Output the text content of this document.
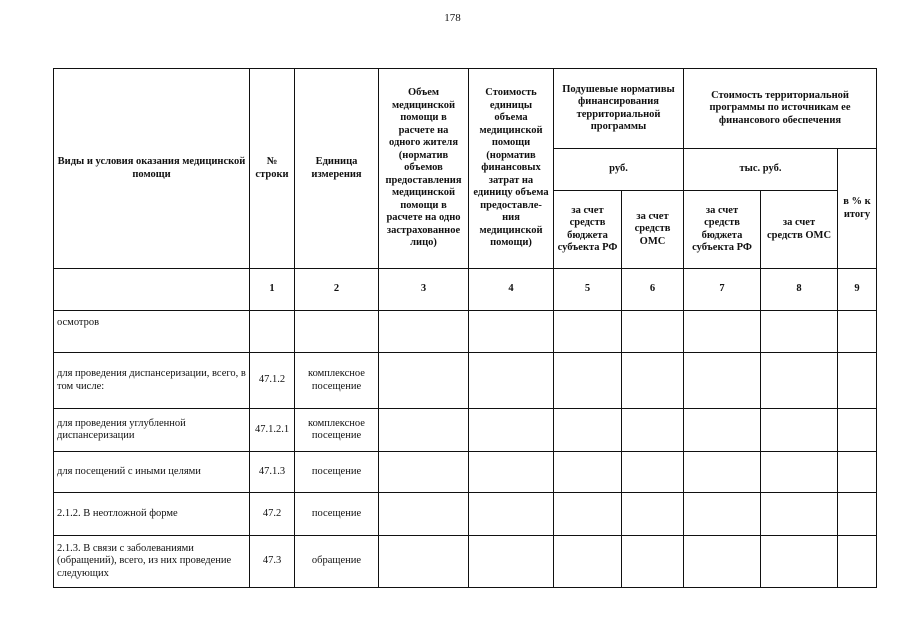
178
Виды и условия оказания медицинской помощи	№ строки	Единица измерения	Объем медицинской помощи в расчете на одного жителя (норматив объемов предоставления медицинской помощи в расчете на одно застрахованное лицо)	Стоимость единицы объема медицинской помощи (норматив финансовых затрат на единицу объема предоставле-ния медицинской помощи)	Подушевые нормативы финансирования территориальной программы		Стоимость территориальной программы по источникам ее финансового обеспечения		
					руб.		тыс. руб.		в % к итогу
					за счет средств бюджета субъекта РФ	за счет средств ОМС	за счет средств бюджета субъекта РФ	за счет средств ОМС	
	1	2	3	4	5	6	7	8	9
осмотров									
для проведения диспансеризации, всего, в том числе:	47.1.2	комплексное посещение							
для проведения углубленной диспансеризации	47.1.2.1	комплексное посещение							
для посещений с иными целями	47.1.3	посещение							
2.1.2. В неотложной форме	47.2	посещение							
2.1.3. В связи с заболеваниями (обращений), всего, из них проведение следующих	47.3	обращение							
